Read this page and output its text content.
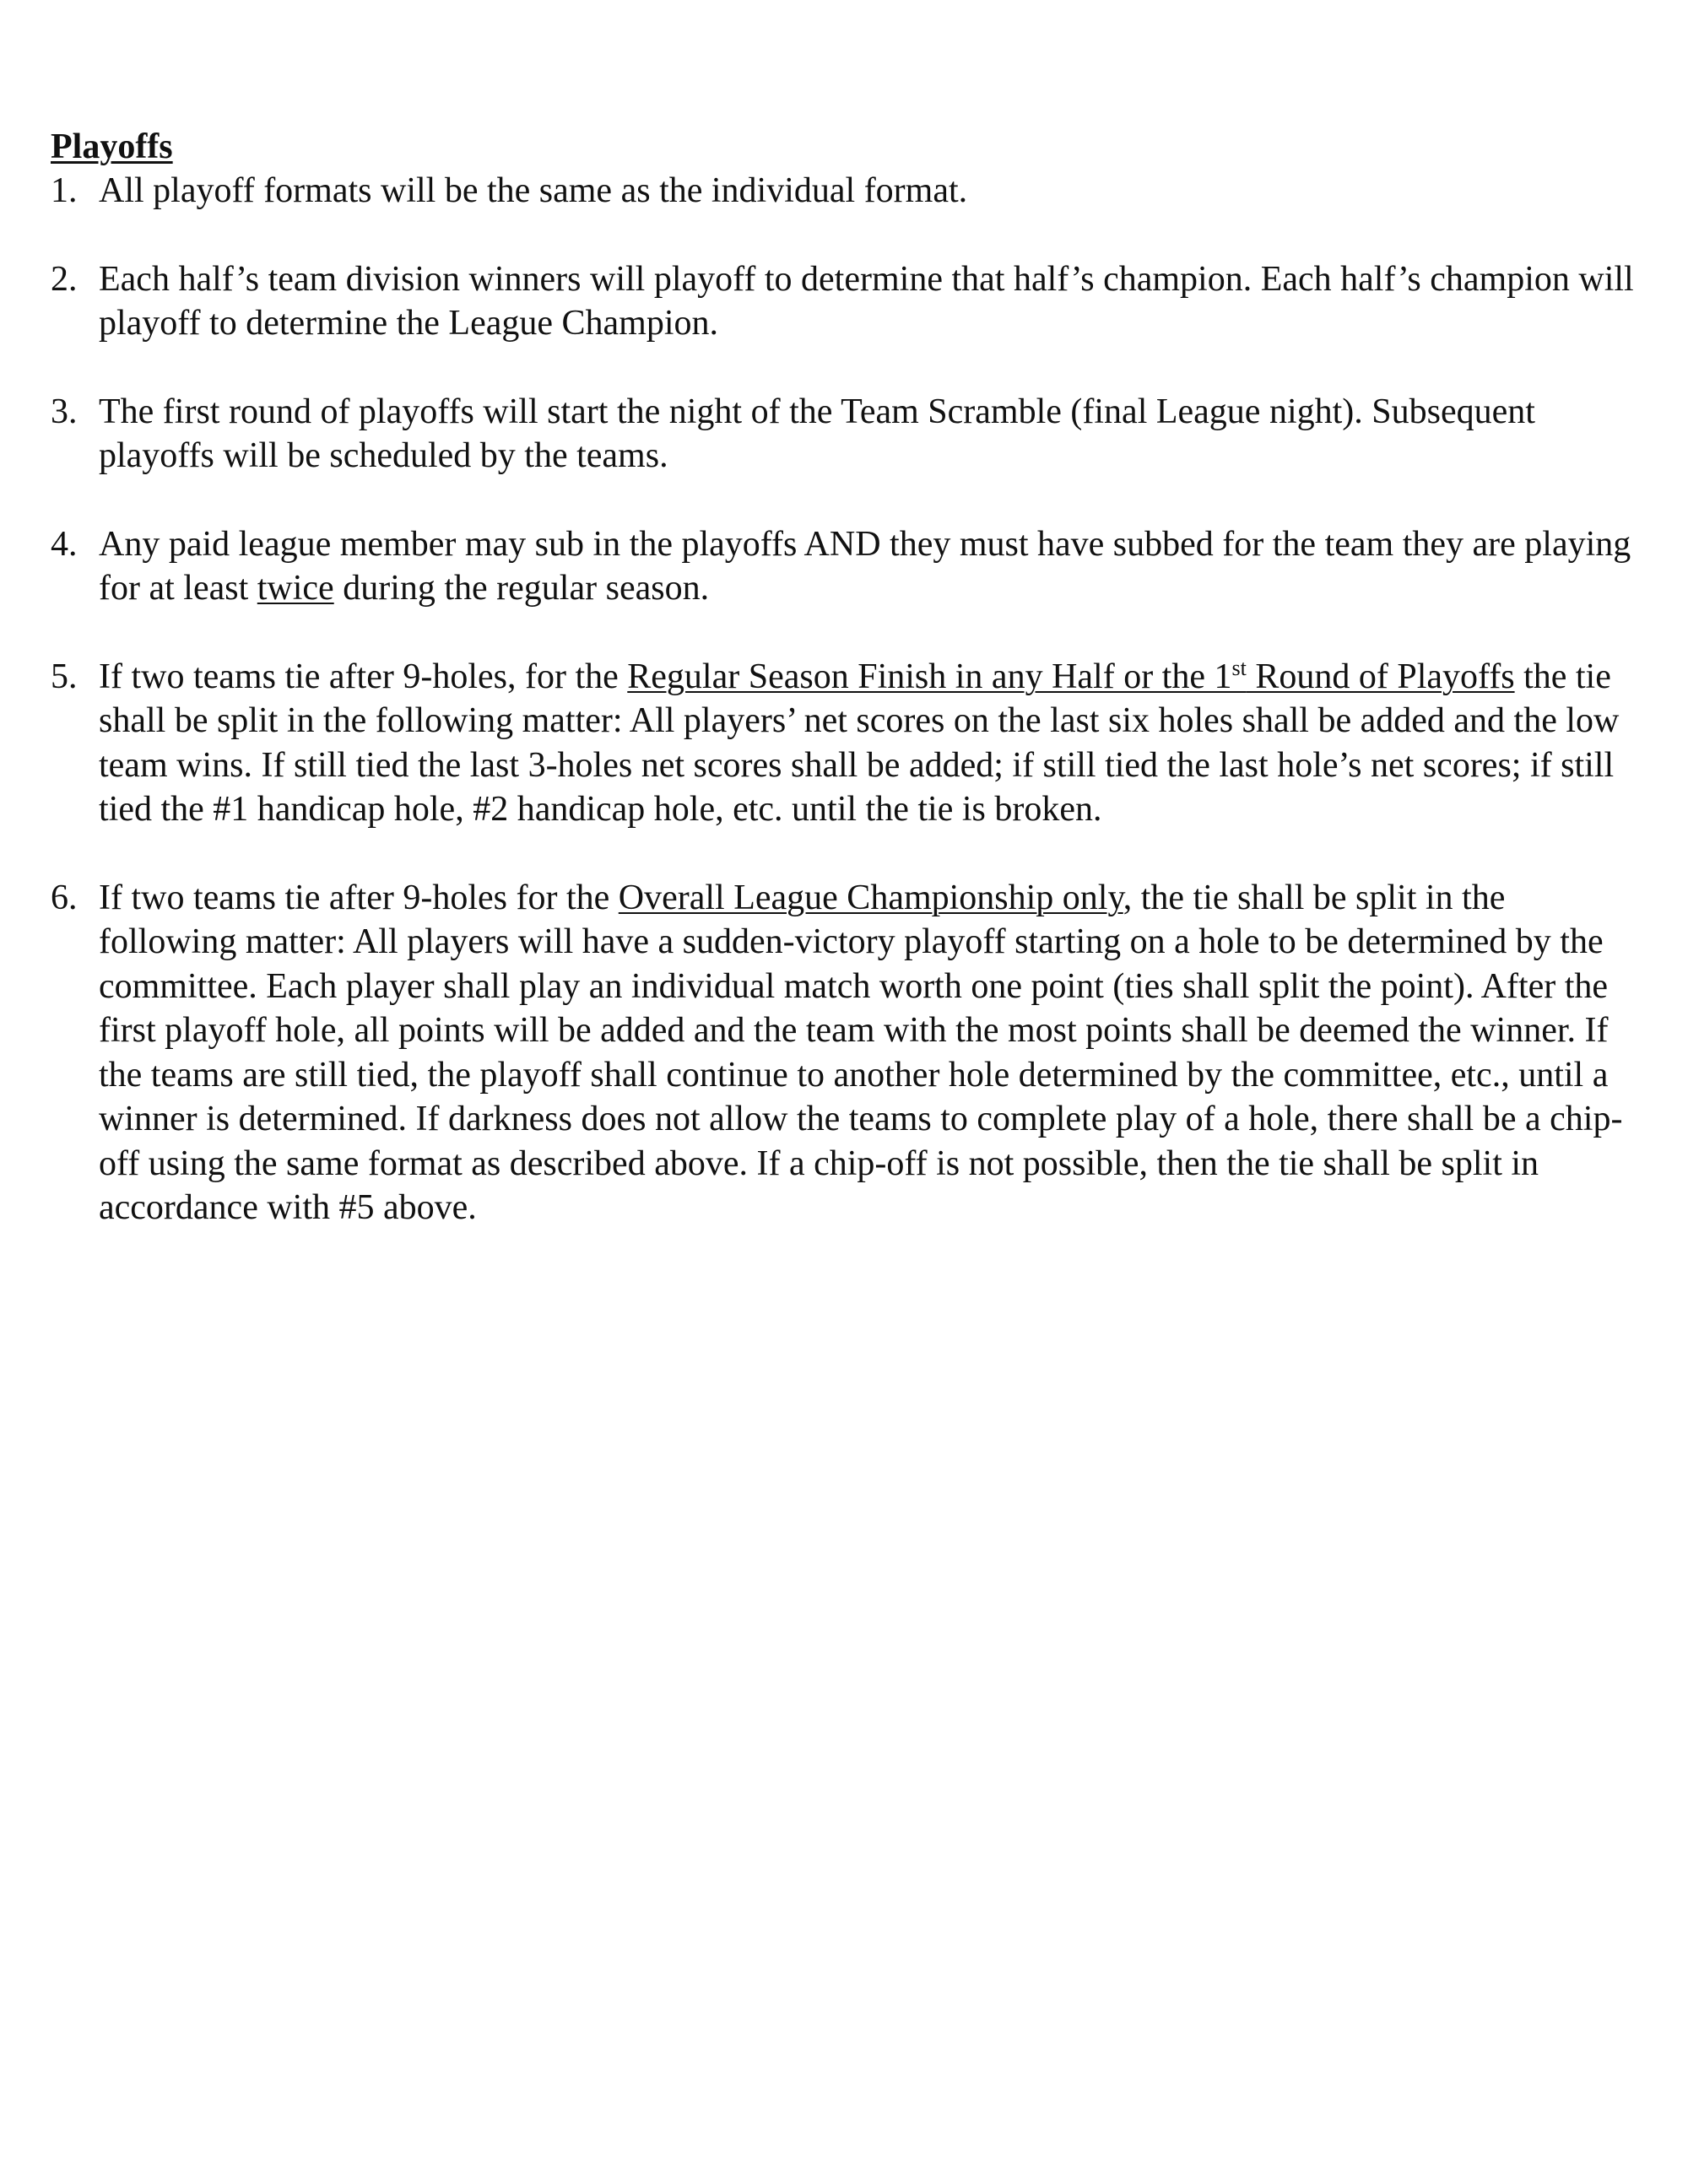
Playoffs
1. All playoff formats will be the same as the individual format.
2. Each half’s team division winners will playoff to determine that half’s champion. Each half’s champion will playoff to determine the League Champion.
3. The first round of playoffs will start the night of the Team Scramble (final League night). Subsequent playoffs will be scheduled by the teams.
4. Any paid league member may sub in the playoffs AND they must have subbed for the team they are playing for at least twice during the regular season.
5. If two teams tie after 9-holes, for the Regular Season Finish in any Half or the 1st Round of Playoffs the tie shall be split in the following matter: All players’ net scores on the last six holes shall be added and the low team wins. If still tied the last 3-holes net scores shall be added; if still tied the last hole’s net scores; if still tied the #1 handicap hole, #2 handicap hole, etc. until the tie is broken.
6. If two teams tie after 9-holes for the Overall League Championship only, the tie shall be split in the following matter: All players will have a sudden-victory playoff starting on a hole to be determined by the committee. Each player shall play an individual match worth one point (ties shall split the point). After the first playoff hole, all points will be added and the team with the most points shall be deemed the winner. If the teams are still tied, the playoff shall continue to another hole determined by the committee, etc., until a winner is determined. If darkness does not allow the teams to complete play of a hole, there shall be a chip-off using the same format as described above. If a chip-off is not possible, then the tie shall be split in accordance with #5 above.
